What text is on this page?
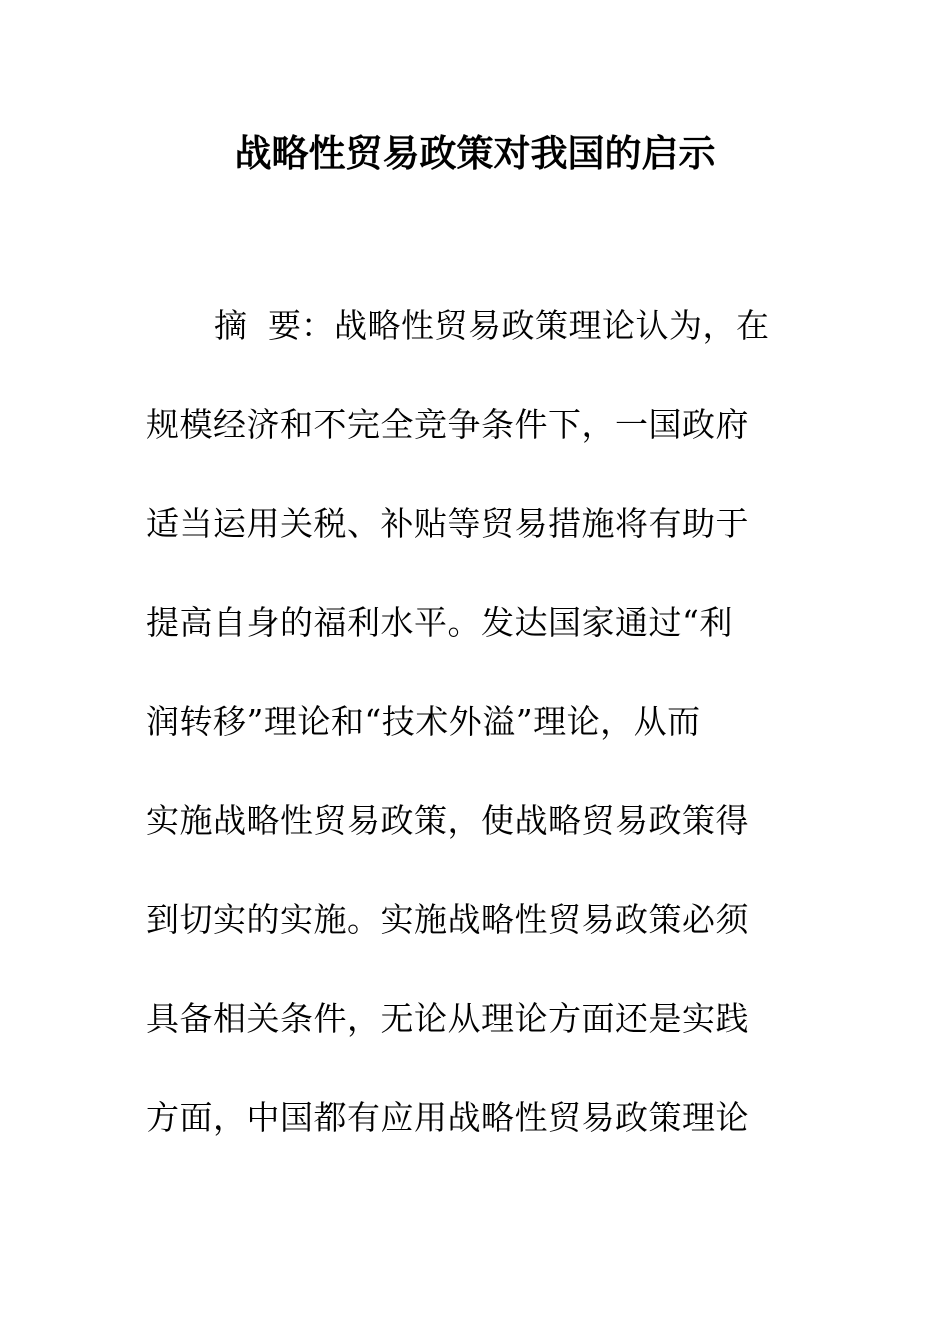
战略性贸易政策对我国的启示
摘  要：战略性贸易政策理论认为，在
规模经济和不完全竞争条件下，一国政府
适当运用关税、补贴等贸易措施将有助于
提高自身的福利水平。发达国家通过“利
润转移”理论和“技术外溢”理论，从而
实施战略性贸易政策，使战略贸易政策得
到切实的实施。实施战略性贸易政策必须
具备相关条件，无论从理论方面还是实践
方面，中国都有应用战略性贸易政策理论
